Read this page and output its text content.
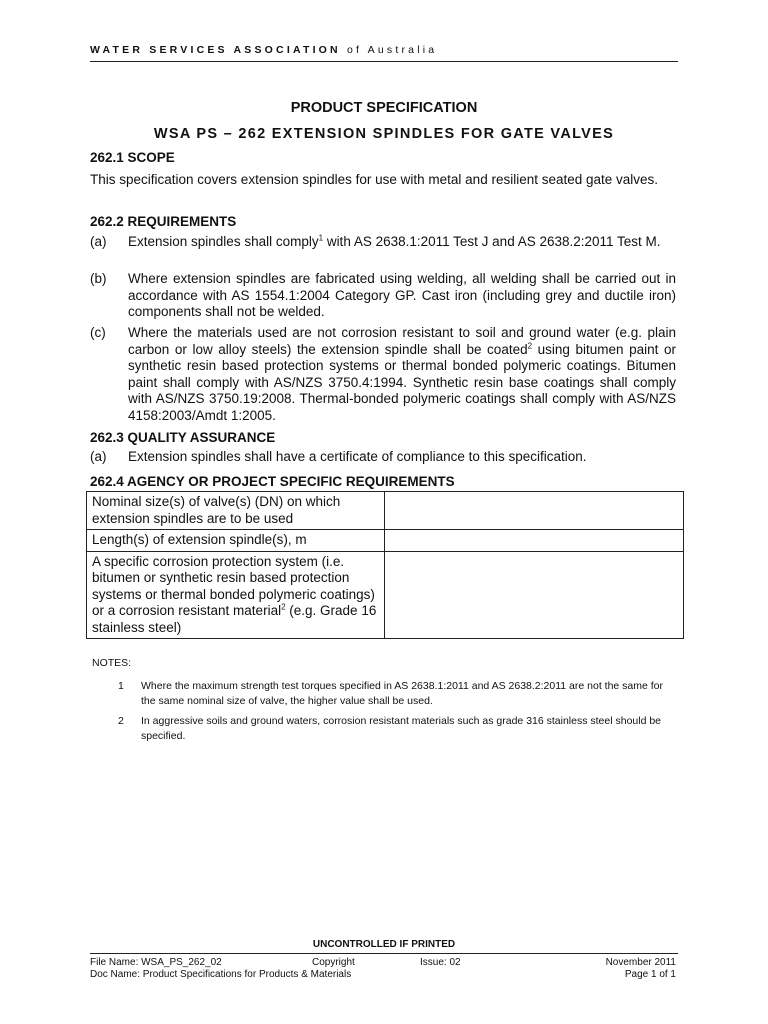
WATER SERVICES ASSOCIATION of Australia
PRODUCT SPECIFICATION
WSA PS – 262 EXTENSION SPINDLES FOR GATE VALVES
262.1 SCOPE
This specification covers extension spindles for use with metal and resilient seated gate valves.
262.2 REQUIREMENTS
(a) Extension spindles shall comply$^1$ with AS 2638.1:2011 Test J and AS 2638.2:2011 Test M.
(b) Where extension spindles are fabricated using welding, all welding shall be carried out in accordance with AS 1554.1:2004 Category GP. Cast iron (including grey and ductile iron) components shall not be welded.
(c) Where the materials used are not corrosion resistant to soil and ground water (e.g. plain carbon or low alloy steels) the extension spindle shall be coated$^2$ using bitumen paint or synthetic resin based protection systems or thermal bonded polymeric coatings. Bitumen paint shall comply with AS/NZS 3750.4:1994. Synthetic resin base coatings shall comply with AS/NZS 3750.19:2008. Thermal-bonded polymeric coatings shall comply with AS/NZS 4158:2003/Amdt 1:2005.
262.3 QUALITY ASSURANCE
(a) Extension spindles shall have a certificate of compliance to this specification.
262.4 AGENCY OR PROJECT SPECIFIC REQUIREMENTS
Nominal size(s) of valve(s) (DN) on which extension spindles are to be used	
Length(s) of extension spindle(s), m	
A specific corrosion protection system (i.e. bitumen or synthetic resin based protection systems or thermal bonded polymeric coatings) or a corrosion resistant material$^2$ (e.g. Grade 16 stainless steel)	
NOTES:
1 Where the maximum strength test torques specified in AS 2638.1:2011 and AS 2638.2:2011 are not the same for the same nominal size of valve, the higher value shall be used.
2 In aggressive soils and ground waters, corrosion resistant materials such as grade 316 stainless steel should be specified.
UNCONTROLLED IF PRINTED
File Name: WSA_PS_262_02	Copyright	Issue: 02	November 2011
Doc Name: Product Specifications for Products & Materials	Page 1 of 1
